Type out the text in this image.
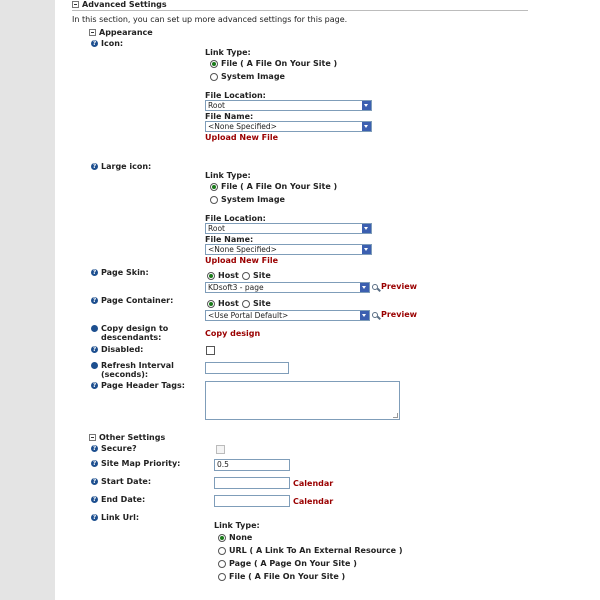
Advanced Settings
In this section, you can set up more advanced settings for this page.
Appearance
? Icon:
Link Type:
File ( A File On Your Site )
System Image
File Location:
Root
File Name:
<None Specified>
Upload New File
? Large icon:
Link Type:
File ( A File On Your Site )
System Image
File Location:
Root
File Name:
<None Specified>
Upload New File
? Page Skin:	Host	Site
KDsoft3 - page	Preview
? Page Container:	Host	Site
<Use Portal Default>	Preview
? Copy design to descendants:	Copy design
? Disabled:
? Refresh Interval (seconds):
? Page Header Tags:
Other Settings
? Secure?
? Site Map Priority:	0.5
? Start Date:	Calendar
? End Date:	Calendar
? Link Url:
Link Type:
None
URL ( A Link To An External Resource )
Page ( A Page On Your Site )
File ( A File On Your Site )
